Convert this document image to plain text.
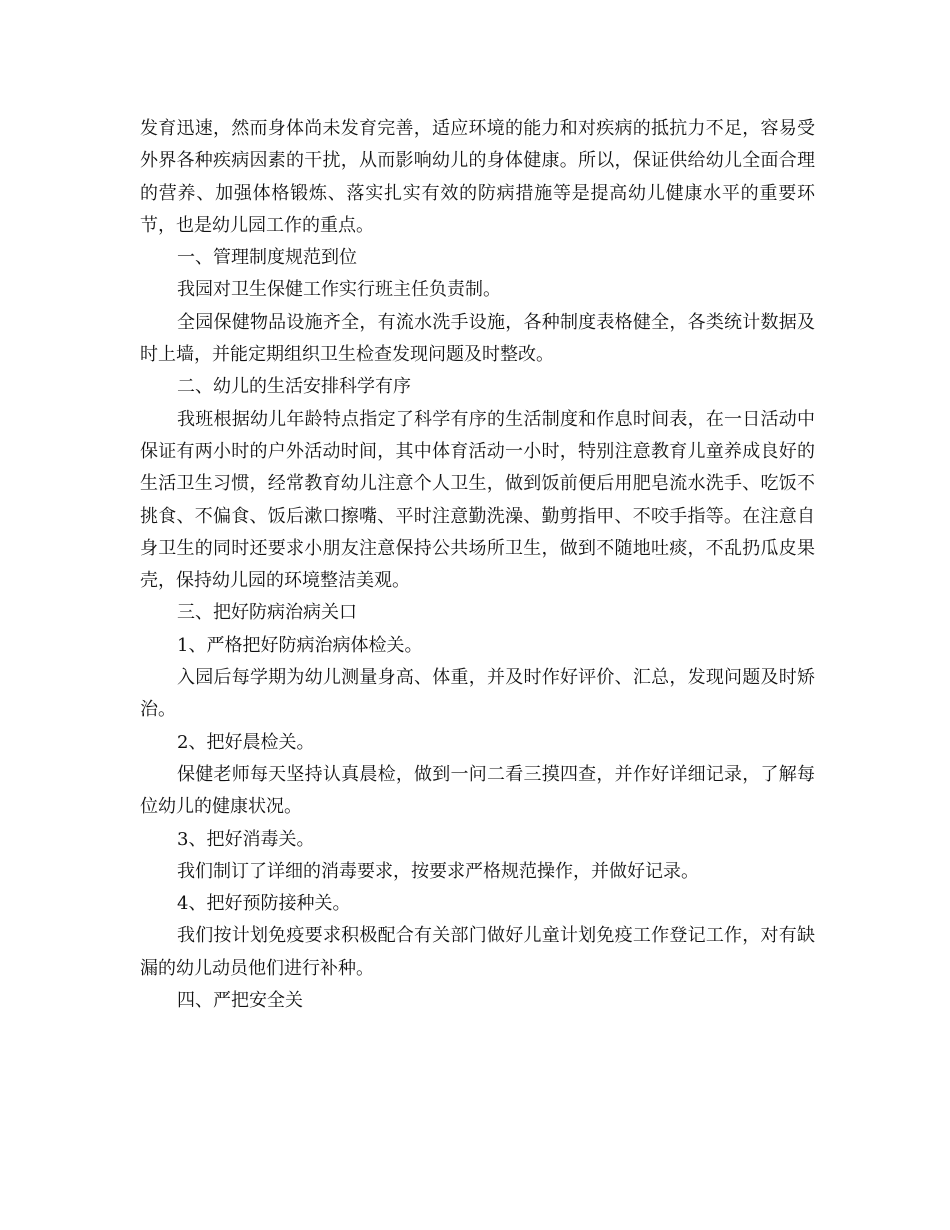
发育迅速，然而身体尚未发育完善，适应环境的能力和对疾病的抵抗力不足，容易受外界各种疾病因素的干扰，从而影响幼儿的身体健康。所以，保证供给幼儿全面合理的营养、加强体格锻炼、落实扎实有效的防病措施等是提高幼儿健康水平的重要环节，也是幼儿园工作的重点。

一、管理制度规范到位

我园对卫生保健工作实行班主任负责制。

全园保健物品设施齐全，有流水洗手设施，各种制度表格健全，各类统计数据及时上墙，并能定期组织卫生检查发现问题及时整改。

二、幼儿的生活安排科学有序

我班根据幼儿年龄特点指定了科学有序的生活制度和作息时间表，在一日活动中保证有两小时的户外活动时间，其中体育活动一小时，特别注意教育儿童养成良好的生活卫生习惯，经常教育幼儿注意个人卫生，做到饭前便后用肥皂流水洗手、吃饭不挑食、不偏食、饭后漱口擦嘴、平时注意勤洗澡、勤剪指甲、不咬手指等。在注意自身卫生的同时还要求小朋友注意保持公共场所卫生，做到不随地吐痰，不乱扔瓜皮果壳，保持幼儿园的环境整洁美观。

三、把好防病治病关口

1、严格把好防病治病体检关。

入园后每学期为幼儿测量身高、体重，并及时作好评价、汇总，发现问题及时矫治。

2、把好晨检关。

保健老师每天坚持认真晨检，做到一问二看三摸四查，并作好详细记录，了解每位幼儿的健康状况。

3、把好消毒关。

我们制订了详细的消毒要求，按要求严格规范操作，并做好记录。

4、把好预防接种关。

我们按计划免疫要求积极配合有关部门做好儿童计划免疫工作登记工作，对有缺漏的幼儿动员他们进行补种。

四、严把安全关
